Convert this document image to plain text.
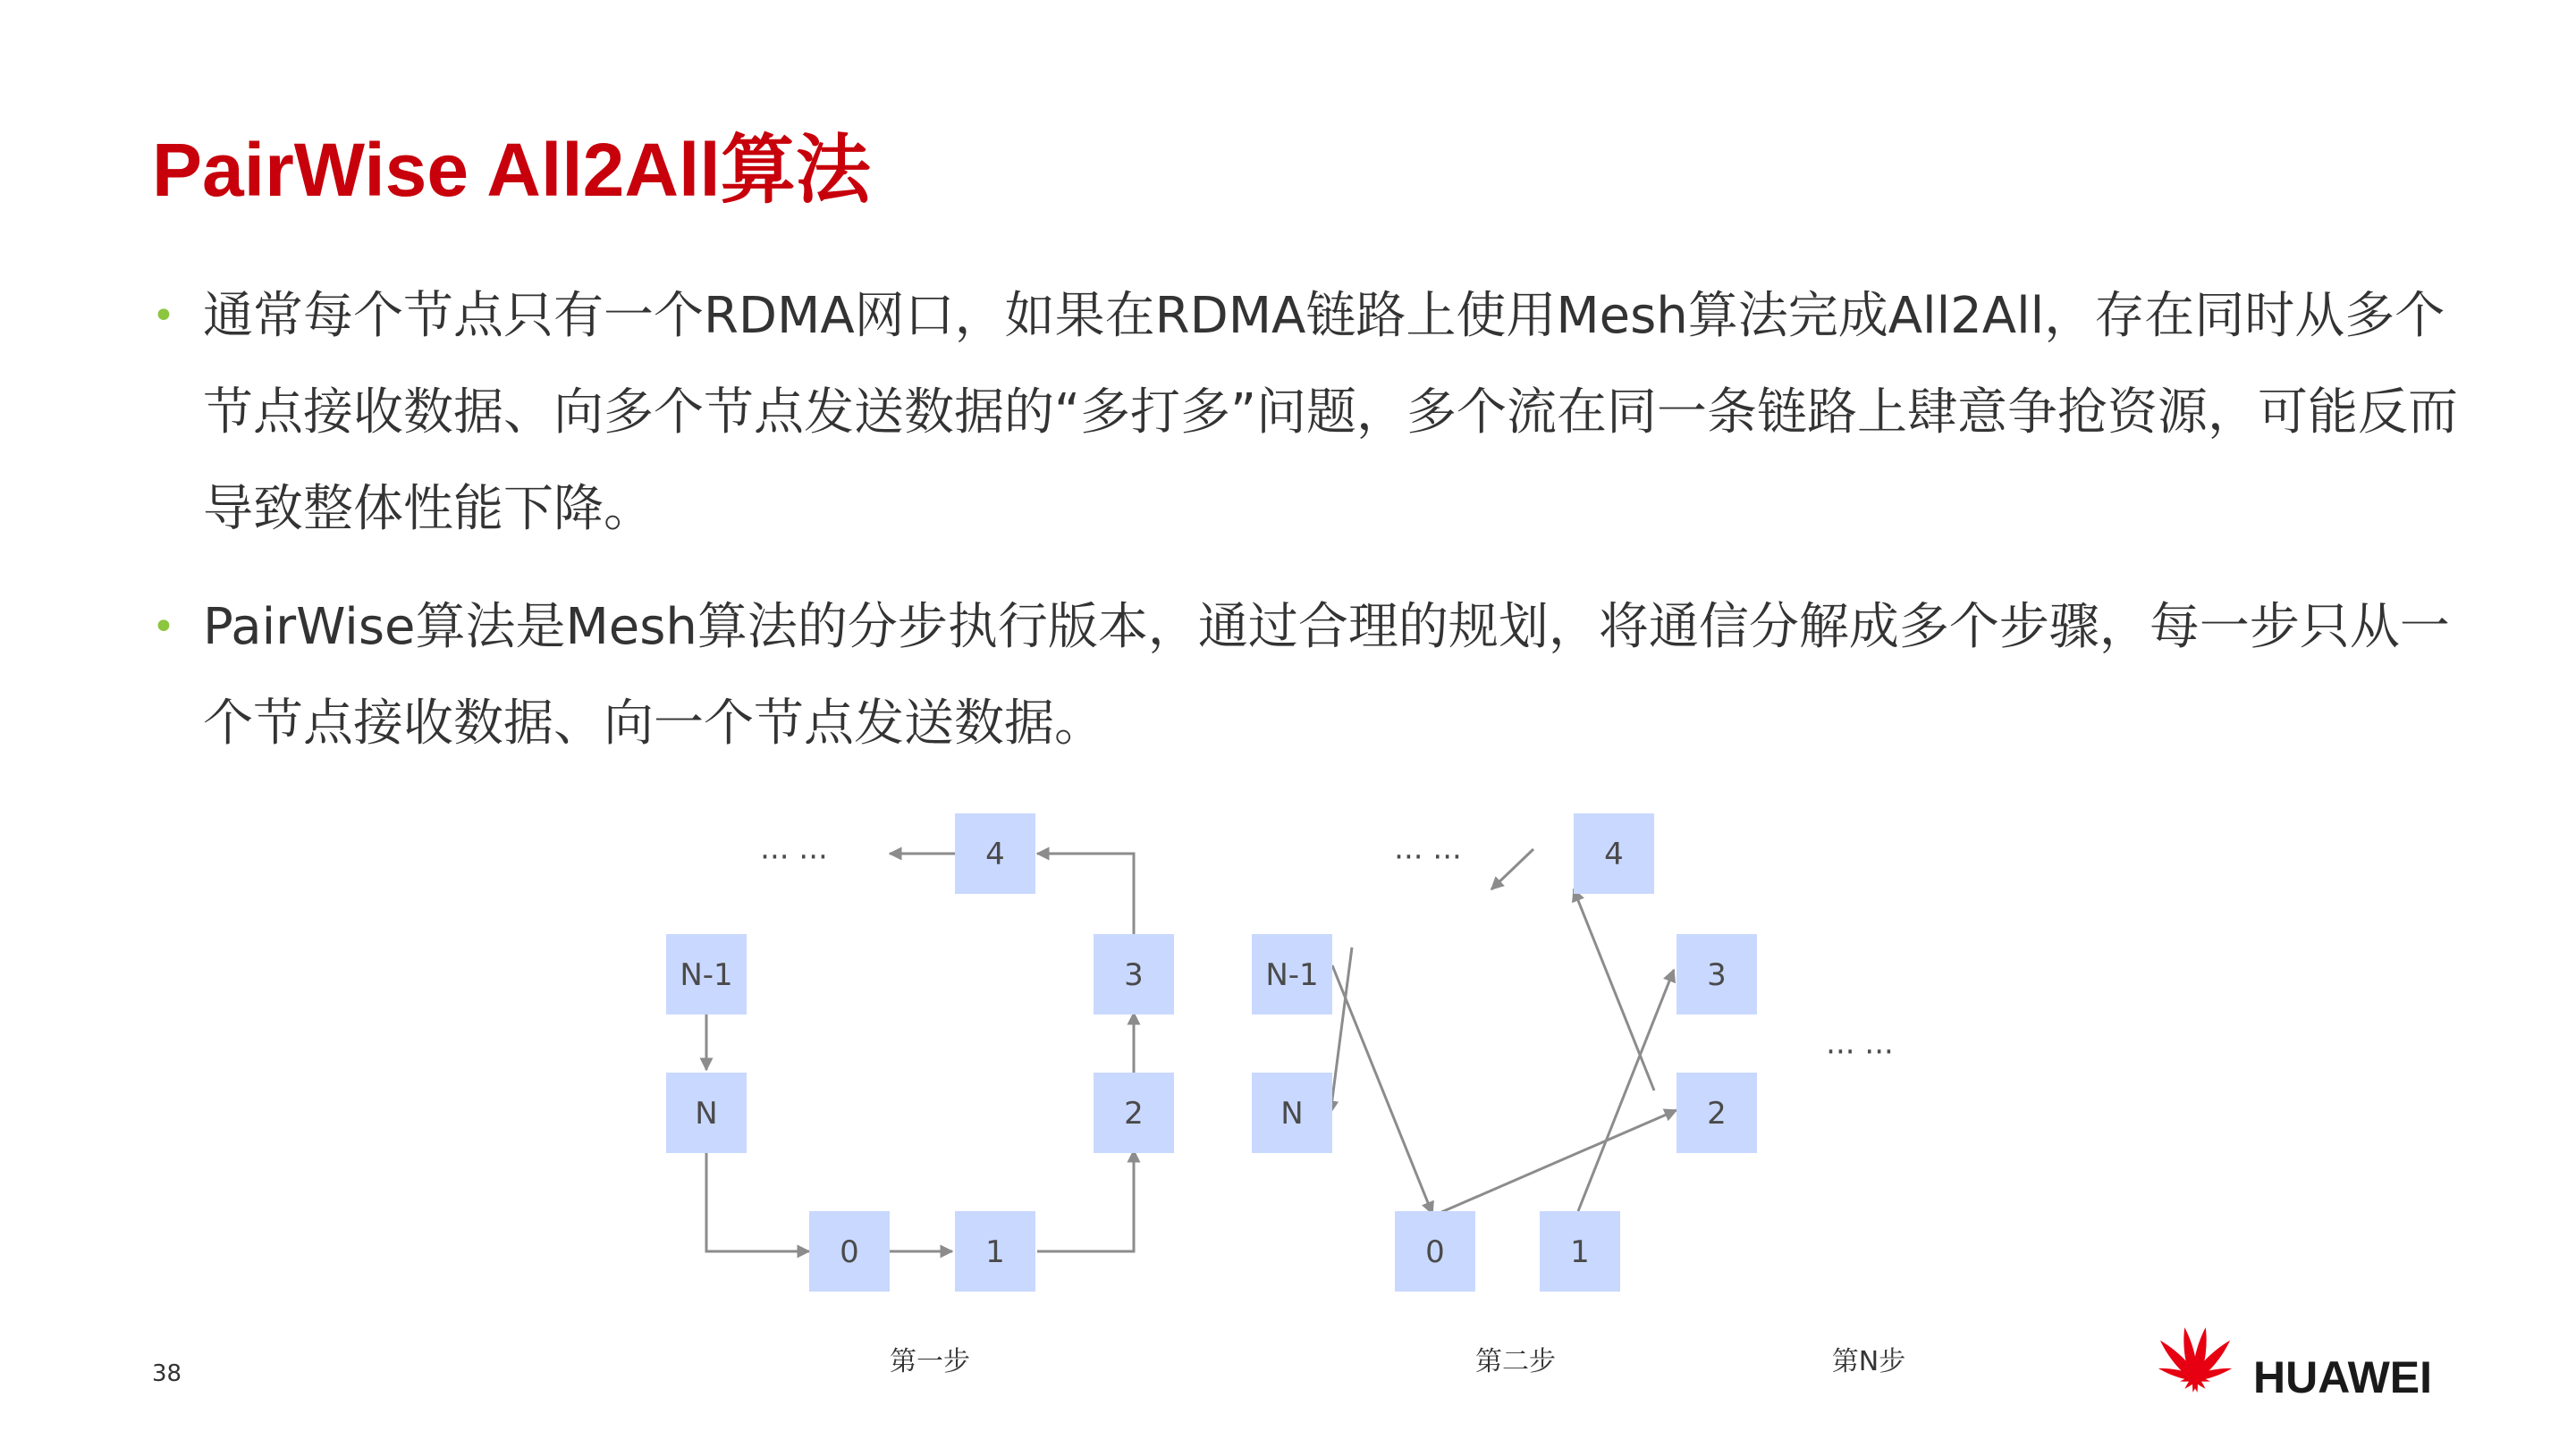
PairWise All2All算法
• 通常每个节点只有一个RDMA网口，如果在RDMA链路上使用Mesh算法完成All2All，存在同时从多个节点接收数据、向多个节点发送数据的“多打多”问题，多个流在同一条链路上肆意争抢资源，可能反而导致整体性能下降。
• PairWise算法是Mesh算法的分步执行版本，通过合理的规划，将通信分解成多个步骤，每一步只从一个节点接收数据、向一个节点发送数据。
··· ···	4
N-1	3
N	2
0	1
第一步
··· ···	4
N-1	3
N	2
0	1
第二步
··· ···
第N步	HUAWEI
38
